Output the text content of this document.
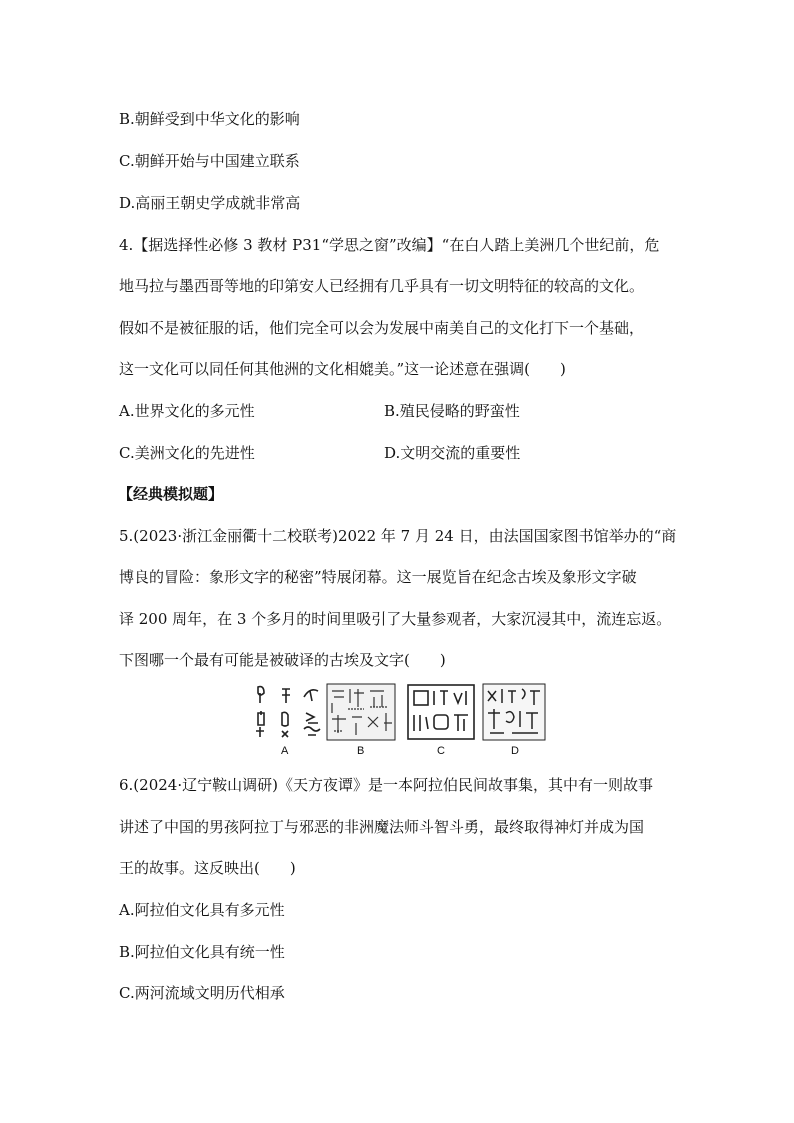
B.朝鲜受到中华文化的影响
C.朝鲜开始与中国建立联系
D.高丽王朝史学成就非常高
4.【据选择性必修 3 教材 P31“学思之窗”改编】“在白人踏上美洲几个世纪前，危
地马拉与墨西哥等地的印第安人已经拥有几乎具有一切文明特征的较高的文化。
假如不是被征服的话，他们完全可以会为发展中南美自己的文化打下一个基础，
这一文化可以同任何其他洲的文化相媲美。”这一论述意在强调(　　)
A.世界文化的多元性	B.殖民侵略的野蛮性
C.美洲文化的先进性	D.文明交流的重要性
【经典模拟题】
5.(2023·浙江金丽衢十二校联考)2022 年 7 月 24 日，由法国国家图书馆举办的“商
博良的冒险：象形文字的秘密”特展闭幕。这一展览旨在纪念古埃及象形文字破
译 200 周年，在 3 个多月的时间里吸引了大量参观者，大家沉浸其中，流连忘返。
下图哪一个最有可能是被破译的古埃及文字(　　)
A	B	C	D
6.(2024·辽宁鞍山调研)《天方夜谭》是一本阿拉伯民间故事集，其中有一则故事
讲述了中国的男孩阿拉丁与邪恶的非洲魔法师斗智斗勇，最终取得神灯并成为国
王的故事。这反映出(　　)
A.阿拉伯文化具有多元性
B.阿拉伯文化具有统一性
C.两河流域文明历代相承
